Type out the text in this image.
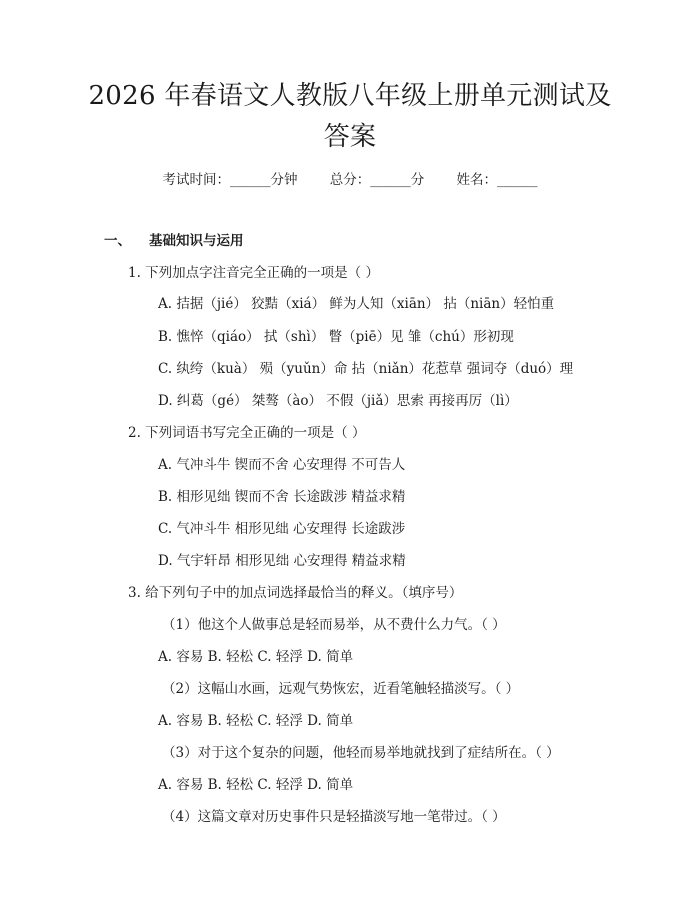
2026 年春语文人教版八年级上册单元测试及
答案
考试时间：______分钟 总分：______分 姓名：______
一、 基础知识与运用
1. 下列加点字注音完全正确的一项是（ ）
A. 拮据（jié） 狡黠（xiá） 鲜为人知（xiān） 拈（niān）轻怕重
B. 憔悴（qiáo） 拭（shì） 瞥（piē）见 雏（chú）形初现
C. 纨绔（kuà） 殒（yuǔn）命 拈（niǎn）花惹草 强词夺（duó）理
D. 纠葛（gé） 桀骜（ào） 不假（jiǎ）思索 再接再厉（lì）
2. 下列词语书写完全正确的一项是（ ）
A. 气冲斗牛 锲而不舍 心安理得 不可告人
B. 相形见绌 锲而不舍 长途跋涉 精益求精
C. 气冲斗牛 相形见绌 心安理得 长途跋涉
D. 气宇轩昂 相形见绌 心安理得 精益求精
3. 给下列句子中的加点词选择最恰当的释义。（填序号）
（1）他这个人做事总是轻而易举，从不费什么力气。（ ）
A. 容易 B. 轻松 C. 轻浮 D. 简单
（2）这幅山水画，远观气势恢宏，近看笔触轻描淡写。（ ）
A. 容易 B. 轻松 C. 轻浮 D. 简单
（3）对于这个复杂的问题，他轻而易举地就找到了症结所在。（ ）
A. 容易 B. 轻松 C. 轻浮 D. 简单
（4）这篇文章对历史事件只是轻描淡写地一笔带过。（ ）
